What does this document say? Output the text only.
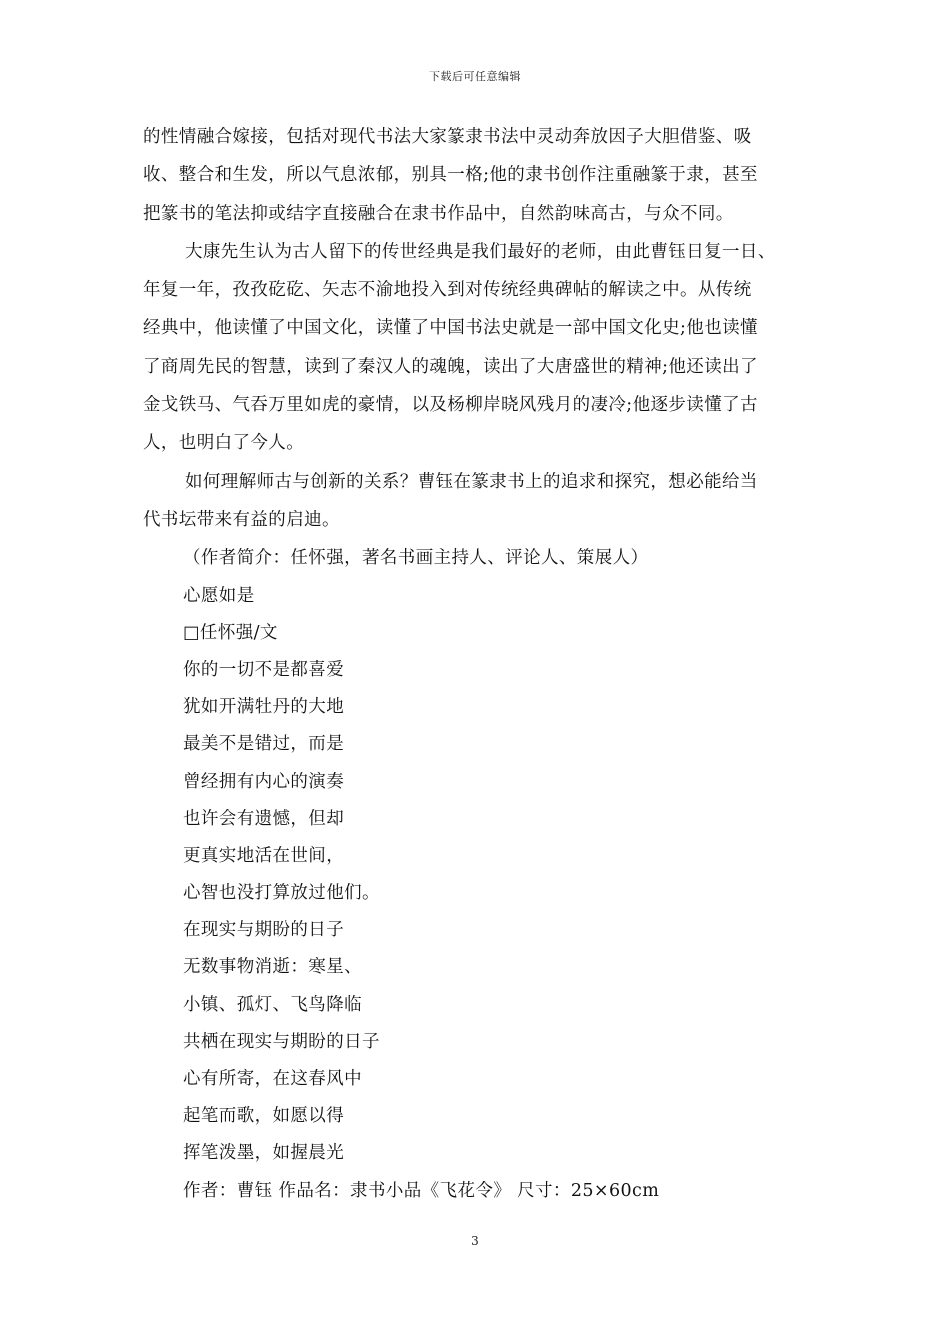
下载后可任意编辑

的性情融合嫁接，包括对现代书法大家篆隶书法中灵动奔放因子大胆借鉴、吸
收、整合和生发，所以气息浓郁，别具一格;他的隶书创作注重融篆于隶，甚至
把篆书的笔法抑或结字直接融合在隶书作品中，自然韵味高古，与众不同。

大康先生认为古人留下的传世经典是我们最好的老师，由此曹钰日复一日、
年复一年，孜孜矻矻、矢志不渝地投入到对传统经典碑帖的解读之中。从传统
经典中，他读懂了中国文化，读懂了中国书法史就是一部中国文化史;他也读懂
了商周先民的智慧，读到了秦汉人的魂魄，读出了大唐盛世的精神;他还读出了
金戈铁马、气吞万里如虎的豪情，以及杨柳岸晓风残月的凄冷;他逐步读懂了古
人，也明白了今人。

如何理解师古与创新的关系？曹钰在篆隶书上的追求和探究，想必能给当
代书坛带来有益的启迪。

（作者简介：任怀强，著名书画主持人、评论人、策展人）

心愿如是
□任怀强/文
你的一切不是都喜爱
犹如开满牡丹的大地
最美不是错过，而是
曾经拥有内心的演奏
也许会有遗憾，但却
更真实地活在世间，
心智也没打算放过他们。
在现实与期盼的日子
无数事物消逝：寒星、
小镇、孤灯、飞鸟降临
共栖在现实与期盼的日子
心有所寄，在这春风中
起笔而歌，如愿以得
挥笔泼墨，如握晨光
作者：曹钰 作品名：隶书小品《飞花令》 尺寸：25×60cm
3
